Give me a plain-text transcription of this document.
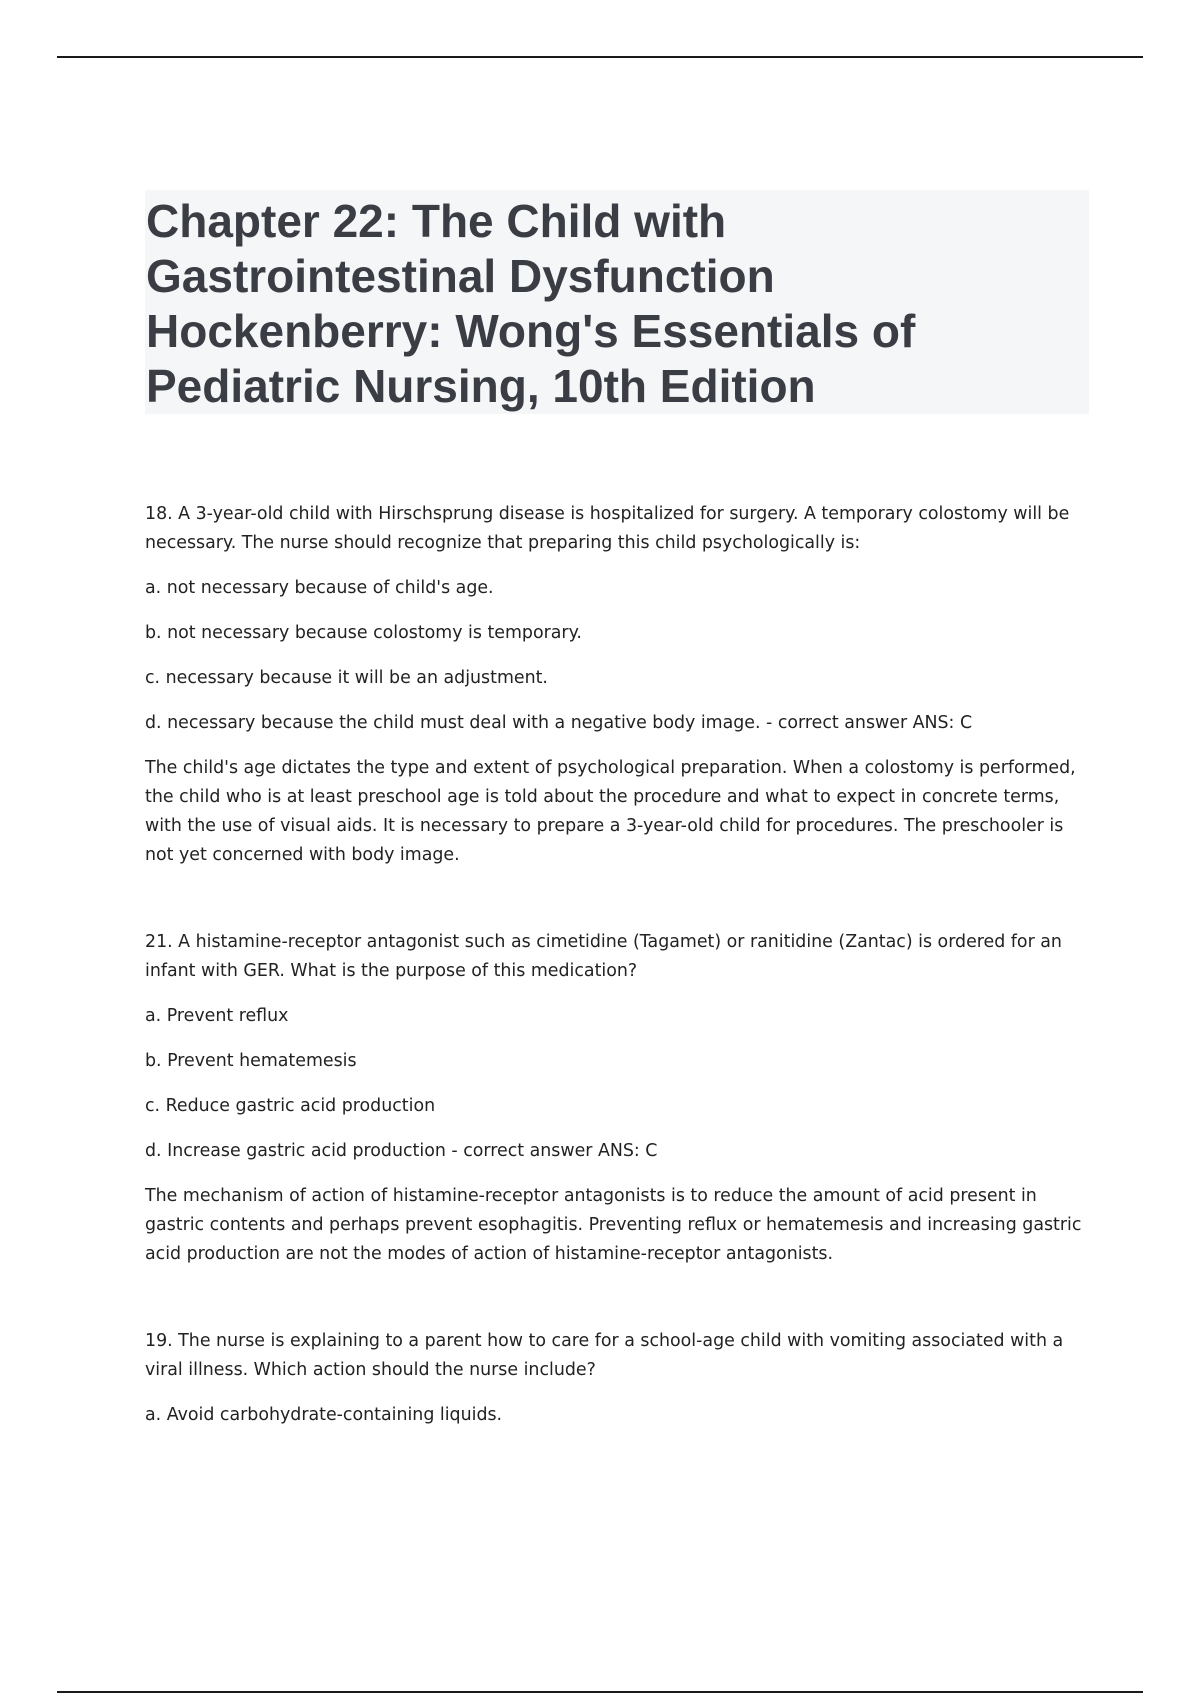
Chapter 22: The Child with
Gastrointestinal Dysfunction
Hockenberry: Wong's Essentials of
Pediatric Nursing, 10th Edition

18. A 3-year-old child with Hirschsprung disease is hospitalized for surgery. A temporary colostomy will be necessary. The nurse should recognize that preparing this child psychologically is:

a. not necessary because of child's age.

b. not necessary because colostomy is temporary.

c. necessary because it will be an adjustment.

d. necessary because the child must deal with a negative body image. - correct answer ANS: C

The child's age dictates the type and extent of psychological preparation. When a colostomy is performed, the child who is at least preschool age is told about the procedure and what to expect in concrete terms, with the use of visual aids. It is necessary to prepare a 3-year-old child for procedures. The preschooler is not yet concerned with body image.

21. A histamine-receptor antagonist such as cimetidine (Tagamet) or ranitidine (Zantac) is ordered for an infant with GER. What is the purpose of this medication?

a. Prevent reflux

b. Prevent hematemesis

c. Reduce gastric acid production

d. Increase gastric acid production - correct answer ANS: C

The mechanism of action of histamine-receptor antagonists is to reduce the amount of acid present in gastric contents and perhaps prevent esophagitis. Preventing reflux or hematemesis and increasing gastric acid production are not the modes of action of histamine-receptor antagonists.

19. The nurse is explaining to a parent how to care for a school-age child with vomiting associated with a viral illness. Which action should the nurse include?

a. Avoid carbohydrate-containing liquids.
